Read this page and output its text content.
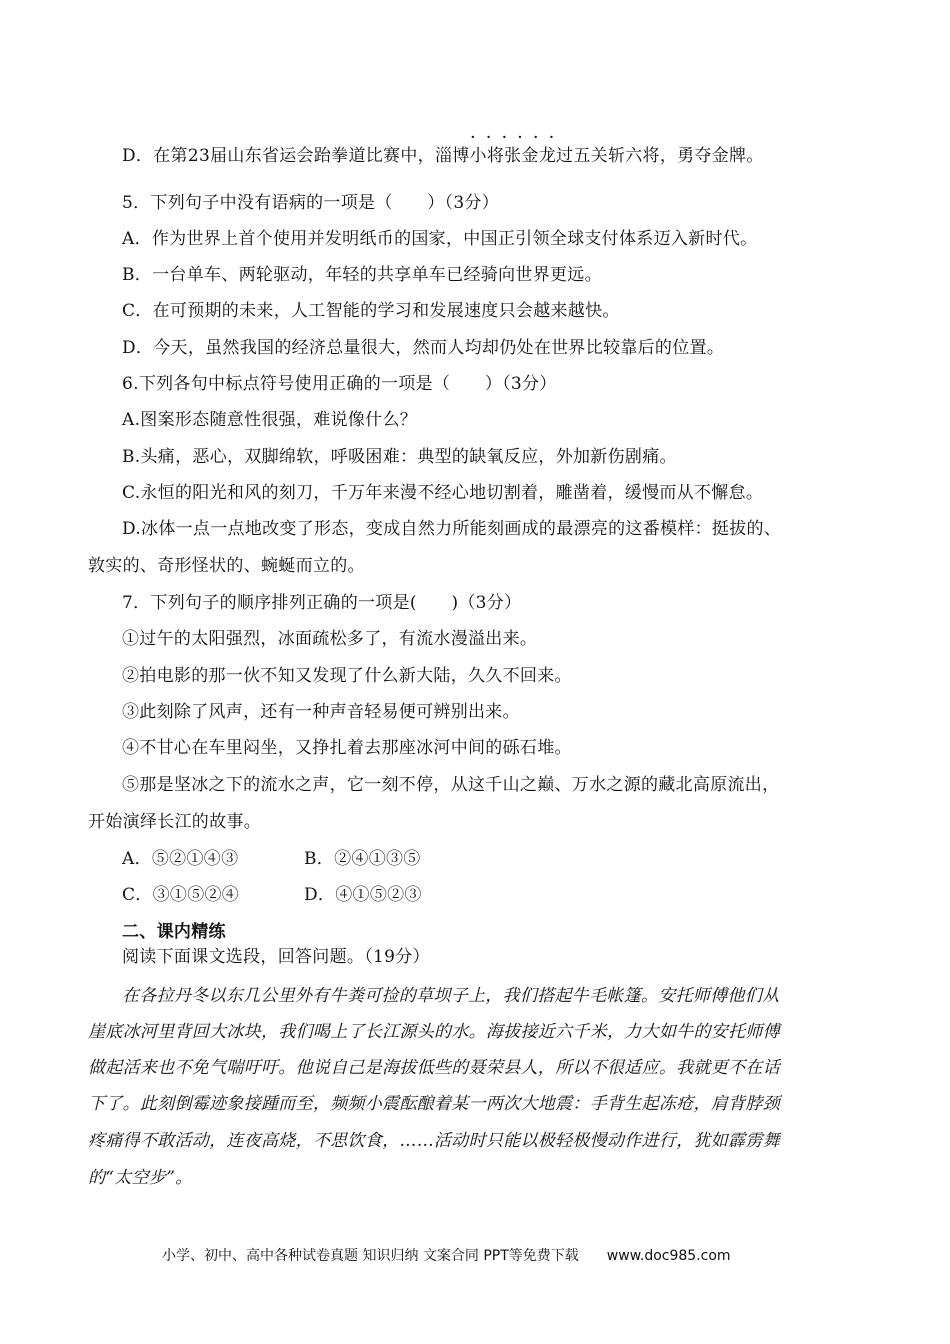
······
D．在第23届山东省运会跆拳道比赛中，淄博小将张金龙过五关斩六将，勇夺金牌。
5．下列句子中没有语病的一项是（　　）（3分）
A．作为世界上首个使用并发明纸币的国家，中国正引领全球支付体系迈入新时代。
B．一台单车、两轮驱动，年轻的共享单车已经骑向世界更远。
C．在可预期的未来，人工智能的学习和发展速度只会越来越快。
D．今天，虽然我国的经济总量很大，然而人均却仍处在世界比较靠后的位置。
6.下列各句中标点符号使用正确的一项是（　　）（3分）
A.图案形态随意性很强，难说像什么？
B.头痛，恶心，双脚绵软，呼吸困难：典型的缺氧反应，外加新伤剧痛。
C.永恒的阳光和风的刻刀，千万年来漫不经心地切割着，雕凿着，缓慢而从不懈怠。
D.冰体一点一点地改变了形态，变成自然力所能刻画成的最漂亮的这番模样：挺拔的、
敦实的、奇形怪状的、蜿蜒而立的。
7．下列句子的顺序排列正确的一项是(　　)（3分）
①过午的太阳强烈，冰面疏松多了，有流水漫溢出来。
②拍电影的那一伙不知又发现了什么新大陆，久久不回来。
③此刻除了风声，还有一种声音轻易便可辨别出来。
④不甘心在车里闷坐，又挣扎着去那座冰河中间的砾石堆。
⑤那是坚冰之下的流水之声，它一刻不停，从这千山之巅、万水之源的藏北高原流出，
开始演绎长江的故事。
A．⑤②①④③	B．②④①③⑤
C．③①⑤②④	D．④①⑤②③
二、课内精练
阅读下面课文选段，回答问题。（19分）
在各拉丹冬以东几公里外有牛粪可捡的草坝子上，我们搭起牛毛帐篷。安托师傅他们从
崖底冰河里背回大冰块，我们喝上了长江源头的水。海拔接近六千米，力大如牛的安托师傅
做起活来也不免气喘吁吁。他说自己是海拔低些的聂荣县人，所以不很适应。我就更不在话
下了。此刻倒霉迹象接踵而至，频频小震酝酿着某一两次大地震：手背生起冻疮，肩背脖颈
疼痛得不敢活动，连夜高烧，不思饮食，……活动时只能以极轻极慢动作进行，犹如霹雳舞
的“太空步”。
小学、初中、高中各种试卷真题 知识归纳 文案合同 PPT等免费下载 www.doc985.com
